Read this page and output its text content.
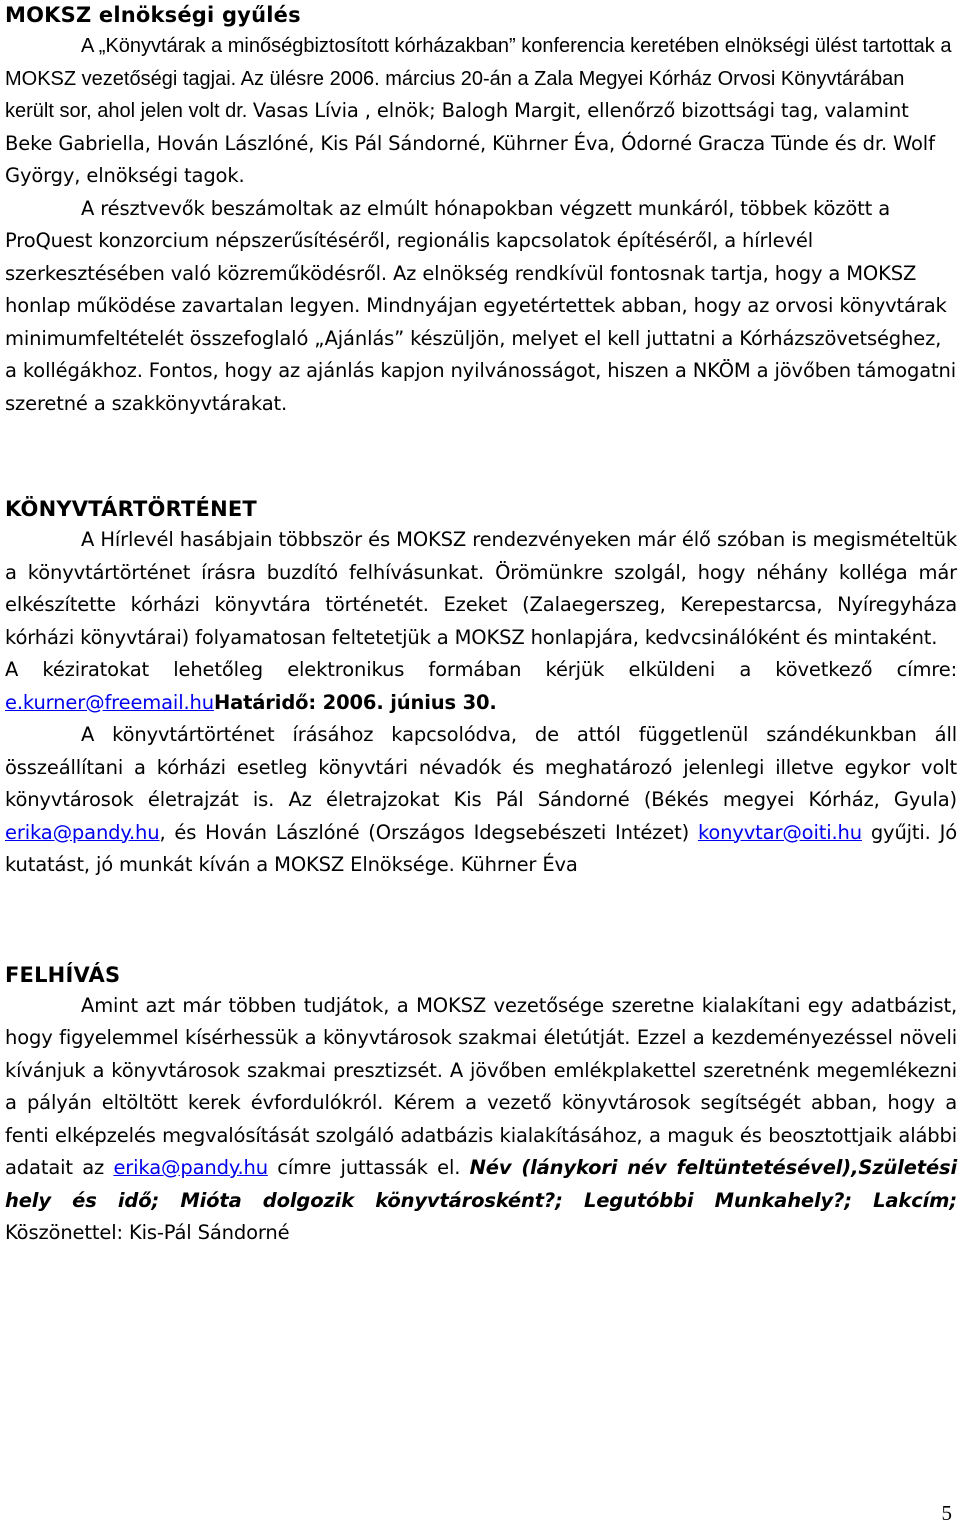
MOKSZ elnökségi gyűlés

A „Könyvtárak a minőségbiztosított kórházakban” konferencia keretében elnökségi ülést tartottak a MOKSZ vezetőségi tagjai. Az ülésre 2006. március 20-án a Zala Megyei Kórház Orvosi Könyvtárában került sor, ahol jelen volt dr. Vasas Lívia , elnök; Balogh Margit, ellenőrző bizottsági tag, valamint Beke Gabriella, Hován Lászlóné, Kis Pál Sándorné, Kührner Éva, Ódorné Gracza Tünde és dr. Wolf György, elnökségi tagok.

A résztvevők beszámoltak az elmúlt hónapokban végzett munkáról, többek között a ProQuest konzorcium népszerűsítéséről, regionális kapcsolatok építéséről, a hírlevél szerkesztésében való közreműködésről. Az elnökség rendkívül fontosnak tartja, hogy a MOKSZ honlap működése zavartalan legyen. Mindnyájan egyetértettek abban, hogy az orvosi könyvtárak minimumfeltételét összefoglaló „Ajánlás” készüljön, melyet el kell juttatni a Kórházszövetséghez, a kollégákhoz. Fontos, hogy az ajánlás kapjon nyilvánosságot, hiszen a NKÖM a jövőben támogatni szeretné a szakkönyvtárakat.

KÖNYVTÁRTÖRTÉNET

A Hírlevél hasábjain többször és MOKSZ rendezvényeken már élő szóban is megismételtük a könyvtártörténet írásra buzdító felhívásunkat. Örömünkre szolgál, hogy néhány kolléga már elkészítette kórházi könyvtára történetét. Ezeket (Zalaegerszeg, Kerepestarcsa, Nyíregyháza kórházi könyvtárai) folyamatosan feltetetjük a MOKSZ honlapjára, kedvcsinálóként és mintaként.

A kéziratokat lehetőleg elektronikus formában kérjük elküldeni a következő címre: e.kurner@freemail.huHatáridő: 2006. június 30.

A könyvtártörténet írásához kapcsolódva, de attól függetlenül szándékunkban áll összeállítani a kórházi esetleg könyvtári névadók és meghatározó jelenlegi illetve egykor volt könyvtárosok életrajzát is. Az életrajzokat Kis Pál Sándorné (Békés megyei Kórház, Gyula) erika@pandy.hu, és Hován Lászlóné (Országos Idegsebészeti Intézet) konyvtar@oiti.hu gyűjti. Jó kutatást, jó munkát kíván a MOKSZ Elnöksége. Kührner Éva

FELHÍVÁS

Amint azt már többen tudjátok, a MOKSZ vezetősége szeretne kialakítani egy adatbázist, hogy figyelemmel kísérhessük a könyvtárosok szakmai életútját. Ezzel a kezdeményezéssel növeli kívánjuk a könyvtárosok szakmai presztizsét. A jövőben emlékplakettel szeretnénk megemlékezni a pályán eltöltött kerek évfordulókról. Kérem a vezető könyvtárosok segítségét abban, hogy a fenti elképzelés megvalósítását szolgáló adatbázis kialakításához, a maguk és beosztottjaik alábbi adatait az erika@pandy.hu címre juttassák el. Név (lánykori név feltüntetésével),Születési hely és idő; Mióta dolgozik könyvtárosként?; Legutóbbi Munkahely?; Lakcím; Köszönettel: Kis-Pál Sándorné

5
